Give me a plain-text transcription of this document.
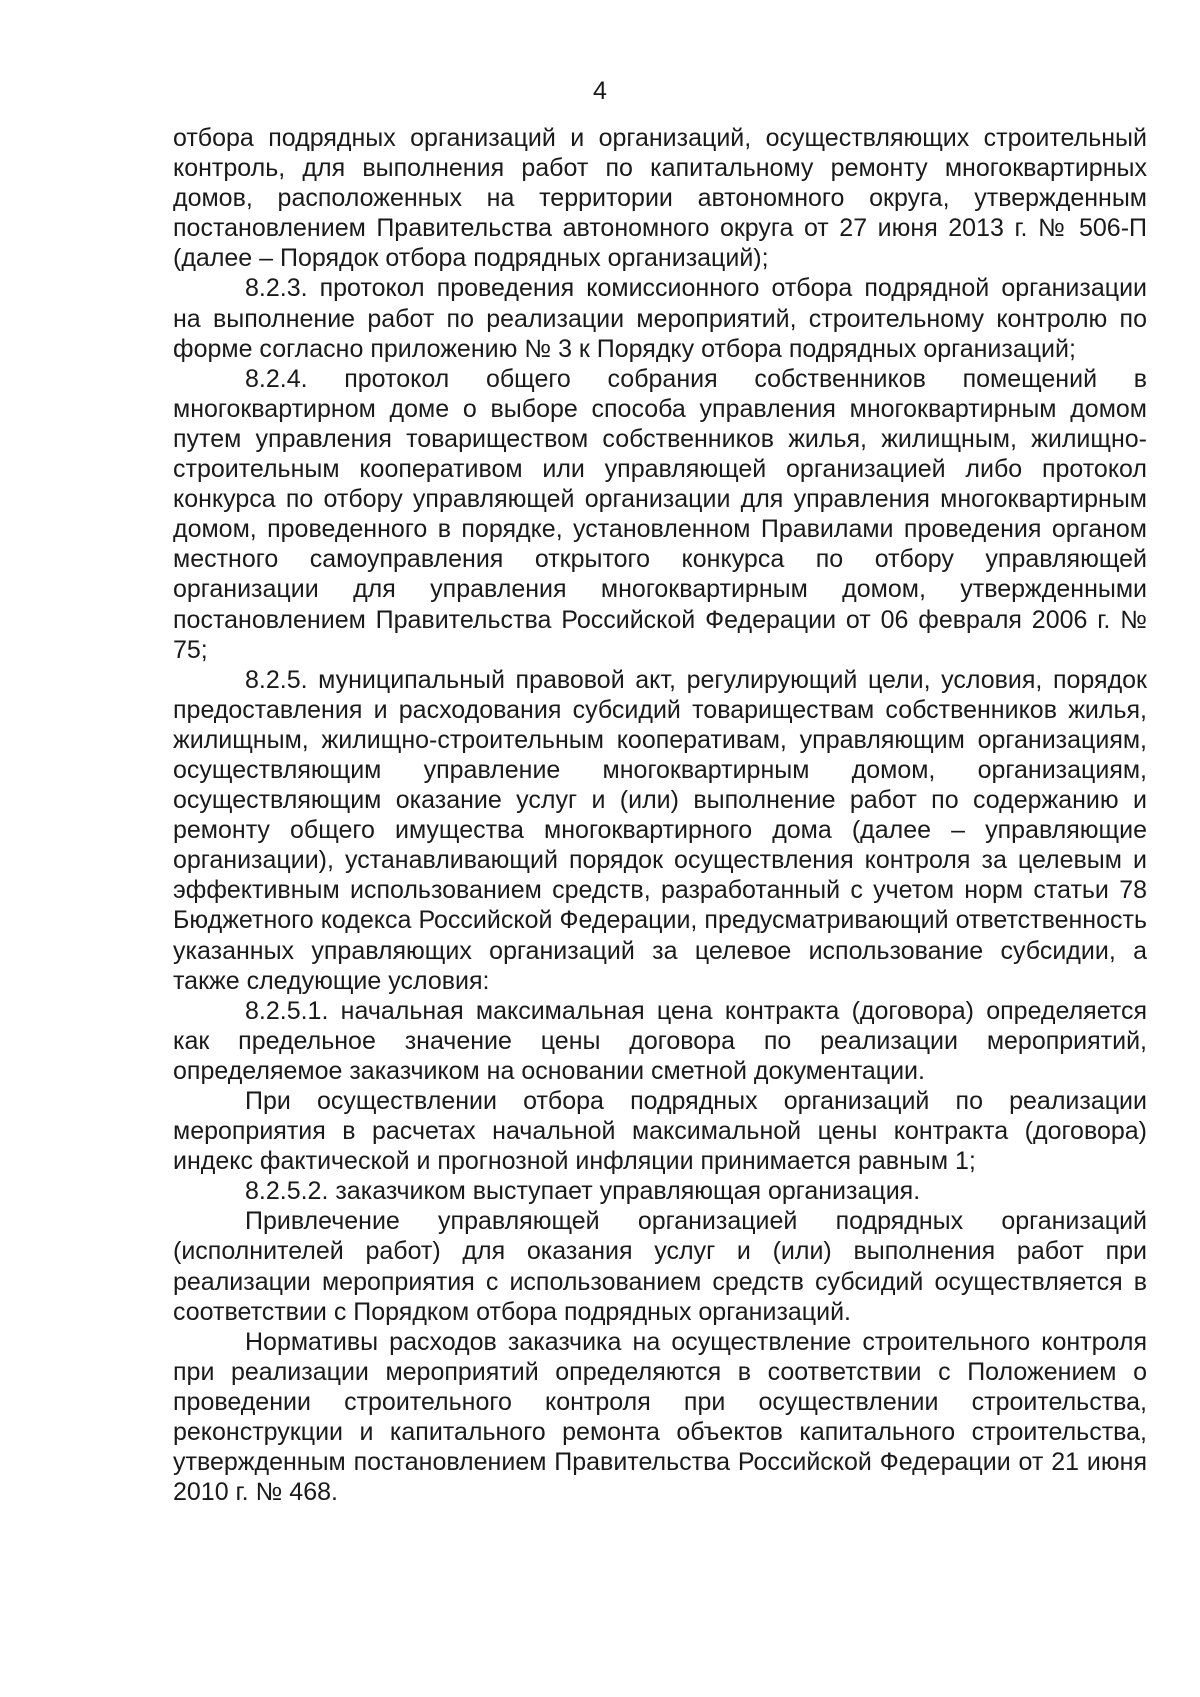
4

отбора подрядных организаций и организаций, осуществляющих строительный контроль, для выполнения работ по капитальному ремонту многоквартирных домов, расположенных на территории автономного округа, утвержденным постановлением Правительства автономного округа от 27 июня 2013 г. № 506-П (далее – Порядок отбора подрядных организаций);

8.2.3. протокол проведения комиссионного отбора подрядной организации на выполнение работ по реализации мероприятий, строительному контролю по форме согласно приложению № 3 к Порядку отбора подрядных организаций;

8.2.4. протокол общего собрания собственников помещений в многоквартирном доме о выборе способа управления многоквартирным домом путем управления товариществом собственников жилья, жилищным, жилищно-строительным кооперативом или управляющей организацией либо протокол конкурса по отбору управляющей организации для управления многоквартирным домом, проведенного в порядке, установленном Правилами проведения органом местного самоуправления открытого конкурса по отбору управляющей организации для управления многоквартирным домом, утвержденными постановлением Правительства Российской Федерации от 06 февраля 2006 г. № 75;

8.2.5. муниципальный правовой акт, регулирующий цели, условия, порядок предоставления и расходования субсидий товариществам собственников жилья, жилищным, жилищно-строительным кооперативам, управляющим организациям, осуществляющим управление многоквартирным домом, организациям, осуществляющим оказание услуг и (или) выполнение работ по содержанию и ремонту общего имущества многоквартирного дома (далее – управляющие организации), устанавливающий порядок осуществления контроля за целевым и эффективным использованием средств, разработанный с учетом норм статьи 78 Бюджетного кодекса Российской Федерации, предусматривающий ответственность указанных управляющих организаций за целевое использование субсидии, а также следующие условия:

8.2.5.1. начальная максимальная цена контракта (договора) определяется как предельное значение цены договора по реализации мероприятий, определяемое заказчиком на основании сметной документации.

При осуществлении отбора подрядных организаций по реализации мероприятия в расчетах начальной максимальной цены контракта (договора) индекс фактической и прогнозной инфляции принимается равным 1;

8.2.5.2. заказчиком выступает управляющая организация.

Привлечение управляющей организацией подрядных организаций (исполнителей работ) для оказания услуг и (или) выполнения работ при реализации мероприятия с использованием средств субсидий осуществляется в соответствии с Порядком отбора подрядных организаций.

Нормативы расходов заказчика на осуществление строительного контроля при реализации мероприятий определяются в соответствии с Положением о проведении строительного контроля при осуществлении строительства, реконструкции и капитального ремонта объектов капитального строительства, утвержденным постановлением Правительства Российской Федерации от 21 июня 2010 г. № 468.
